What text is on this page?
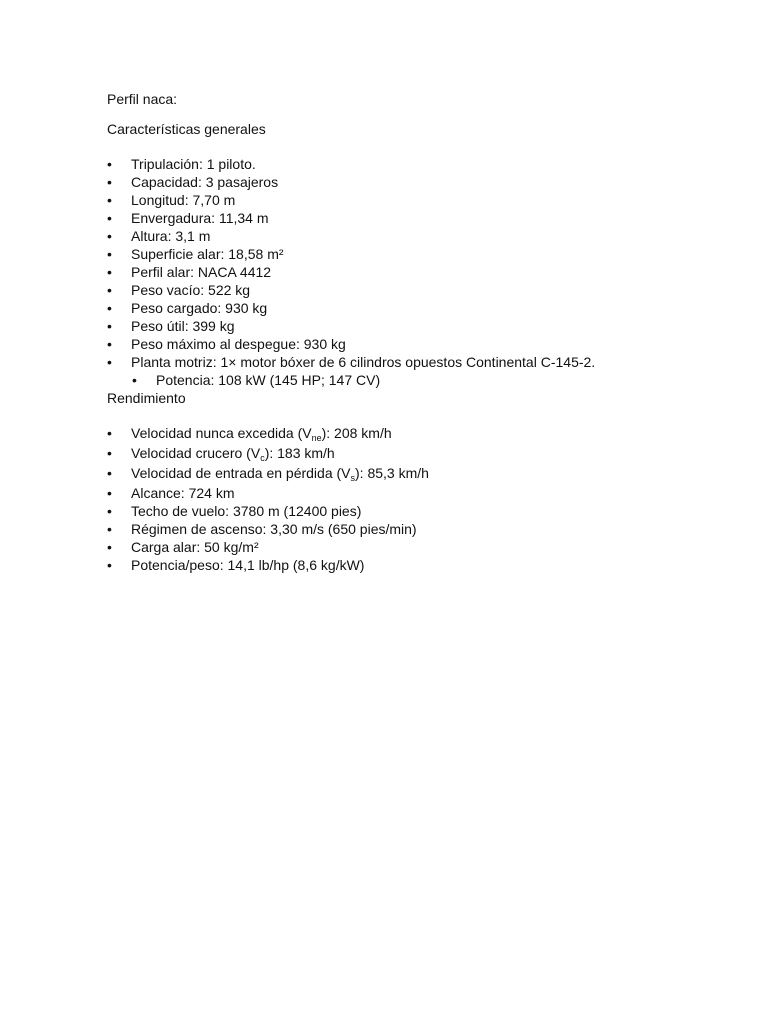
Perfil naca:

Características generales

•	Tripulación: 1 piloto.
•	Capacidad: 3 pasajeros
•	Longitud: 7,70 m
•	Envergadura: 11,34 m
•	Altura: 3,1 m
•	Superficie alar: 18,58 m²
•	Perfil alar: NACA 4412
•	Peso vacío: 522 kg
•	Peso cargado: 930 kg
•	Peso útil: 399 kg
•	Peso máximo al despegue: 930 kg
•	Planta motriz: 1× motor bóxer de 6 cilindros opuestos Continental C-145-2.
•	Potencia: 108 kW (145 HP; 147 CV)

Rendimiento

•	Velocidad nunca excedida $(V_{ne})$: 208 km/h
•	Velocidad crucero $(V_c)$: 183 km/h
•	Velocidad de entrada en pérdida $(V_s)$: 85,3 km/h
•	Alcance: 724 km
•	Techo de vuelo: 3780 m (12400 pies)
•	Régimen de ascenso: 3,30 m/s (650 pies/min)
•	Carga alar: 50 kg/m²
•	Potencia/peso: 14,1 lb/hp (8,6 kg/kW)
